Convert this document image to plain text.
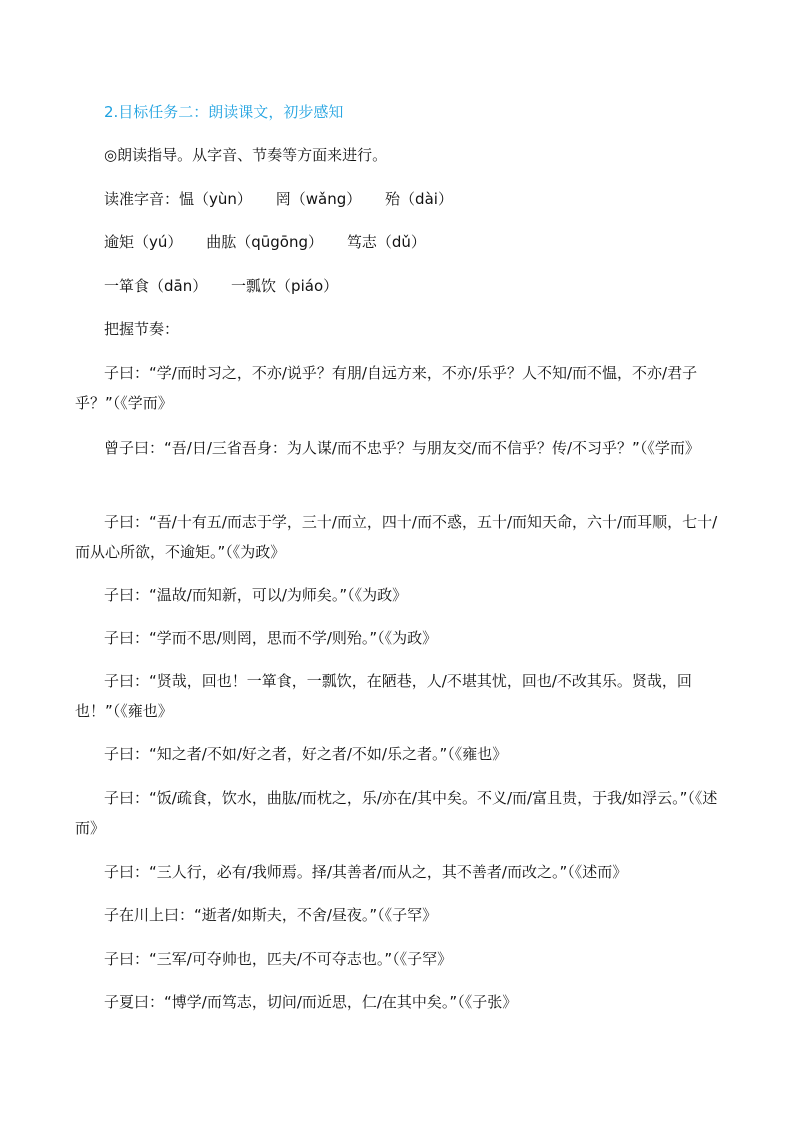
2.目标任务二：朗读课文，初步感知
◎朗读指导。从字音、节奏等方面来进行。
读准字音：愠（yùn）     罔（wǎng）     殆（dài）
逾矩（yú）     曲肱（qūgōng）     笃志（dǔ）
一箪食（dān）     一瓢饮（piáo）
把握节奏：
子曰：“学/而时习之，不亦/说乎？有朋/自远方来，不亦/乐乎？人不知/而不愠，不亦/君子乎？”（《学而》
曾子曰：“吾/日/三省吾身：为人谋/而不忠乎？与朋友交/而不信乎？传/不习乎？”（《学而》
子曰：“吾/十有五/而志于学，三十/而立，四十/而不惑，五十/而知天命，六十/而耳顺，七十/而从心所欲，不逾矩。”（《为政》
子曰：“温故/而知新，可以/为师矣。”（《为政》
子曰：“学而不思/则罔，思而不学/则殆。”（《为政》
子曰：“贤哉，回也！一箪食，一瓢饮，在陋巷，人/不堪其忧，回也/不改其乐。贤哉，回也！”（《雍也》
子曰：“知之者/不如/好之者，好之者/不如/乐之者。”（《雍也》
子曰：“饭/疏食，饮水，曲肱/而枕之，乐/亦在/其中矣。不义/而/富且贵，于我/如浮云。”（《述而》
子曰：“三人行，必有/我师焉。择/其善者/而从之，其不善者/而改之。”（《述而》
子在川上曰：“逝者/如斯夫，不舍/昼夜。”（《子罕》
子曰：“三军/可夺帅也，匹夫/不可夺志也。”（《子罕》
子夏曰：“博学/而笃志，切问/而近思，仁/在其中矣。”（《子张》
